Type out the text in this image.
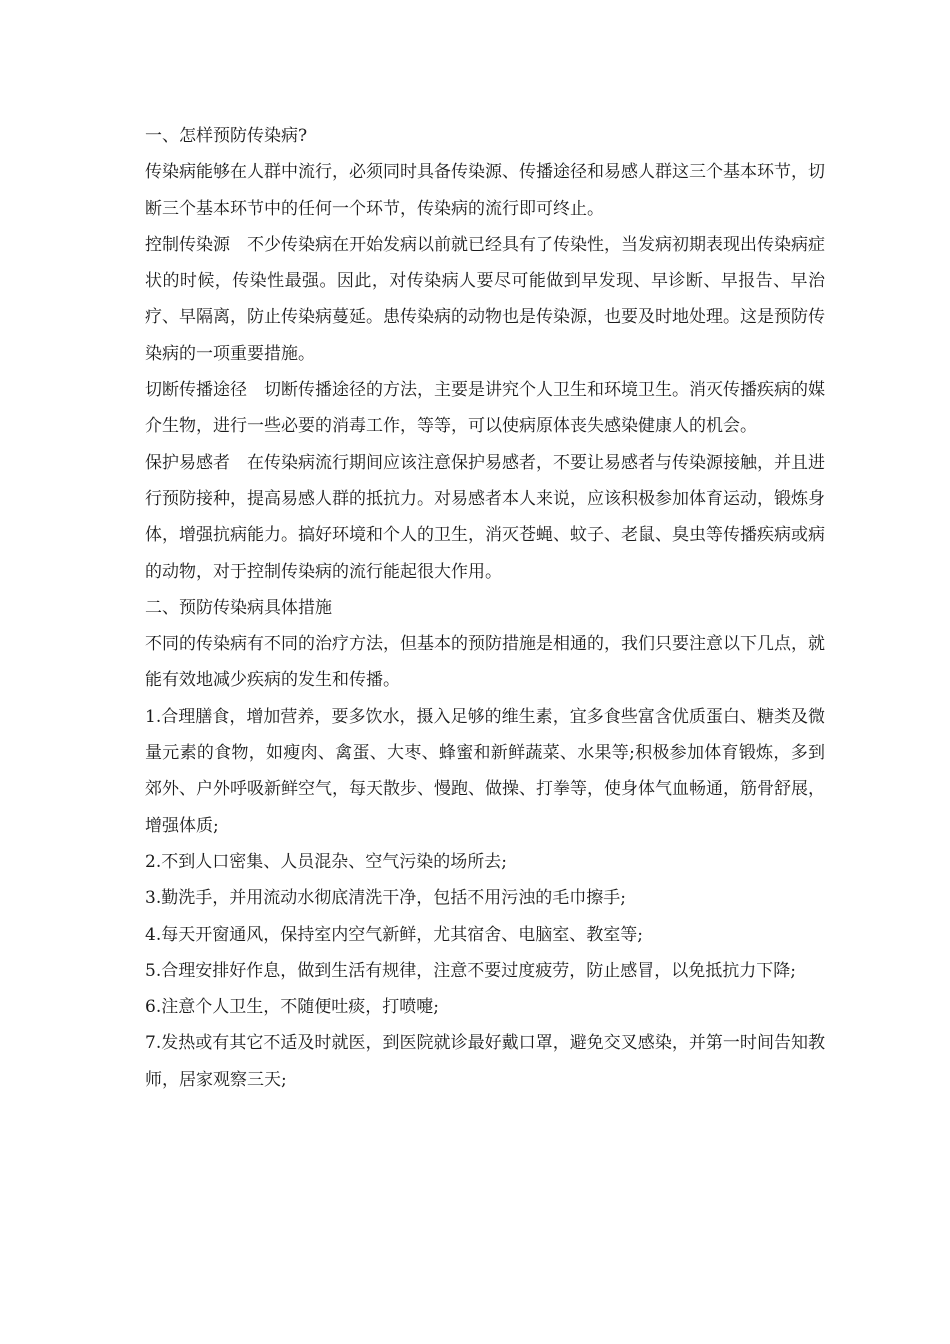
一、怎样预防传染病?

传染病能够在人群中流行，必须同时具备传染源、传播途径和易感人群这三个基本环节，切断三个基本环节中的任何一个环节，传染病的流行即可终止。

控制传染源　不少传染病在开始发病以前就已经具有了传染性，当发病初期表现出传染病症状的时候，传染性最强。因此，对传染病人要尽可能做到早发现、早诊断、早报告、早治疗、早隔离，防止传染病蔓延。患传染病的动物也是传染源，也要及时地处理。这是预防传染病的一项重要措施。

切断传播途径　切断传播途径的方法，主要是讲究个人卫生和环境卫生。消灭传播疾病的媒介生物，进行一些必要的消毒工作，等等，可以使病原体丧失感染健康人的机会。

保护易感者　在传染病流行期间应该注意保护易感者，不要让易感者与传染源接触，并且进行预防接种，提高易感人群的抵抗力。对易感者本人来说，应该积极参加体育运动，锻炼身体，增强抗病能力。搞好环境和个人的卫生，消灭苍蝇、蚊子、老鼠、臭虫等传播疾病或病的动物，对于控制传染病的流行能起很大作用。

二、预防传染病具体措施

不同的传染病有不同的治疗方法，但基本的预防措施是相通的，我们只要注意以下几点，就能有效地减少疾病的发生和传播。

1.合理膳食，增加营养，要多饮水，摄入足够的维生素，宜多食些富含优质蛋白、糖类及微量元素的食物，如瘦肉、禽蛋、大枣、蜂蜜和新鲜蔬菜、水果等;积极参加体育锻炼，多到郊外、户外呼吸新鲜空气，每天散步、慢跑、做操、打拳等，使身体气血畅通，筋骨舒展，增强体质;

2.不到人口密集、人员混杂、空气污染的场所去;

3.勤洗手，并用流动水彻底清洗干净，包括不用污浊的毛巾擦手;

4.每天开窗通风，保持室内空气新鲜，尤其宿舍、电脑室、教室等;

5.合理安排好作息，做到生活有规律，注意不要过度疲劳，防止感冒，以免抵抗力下降;

6.注意个人卫生，不随便吐痰，打喷嚏;

7.发热或有其它不适及时就医，到医院就诊最好戴口罩，避免交叉感染，并第一时间告知教师，居家观察三天;
